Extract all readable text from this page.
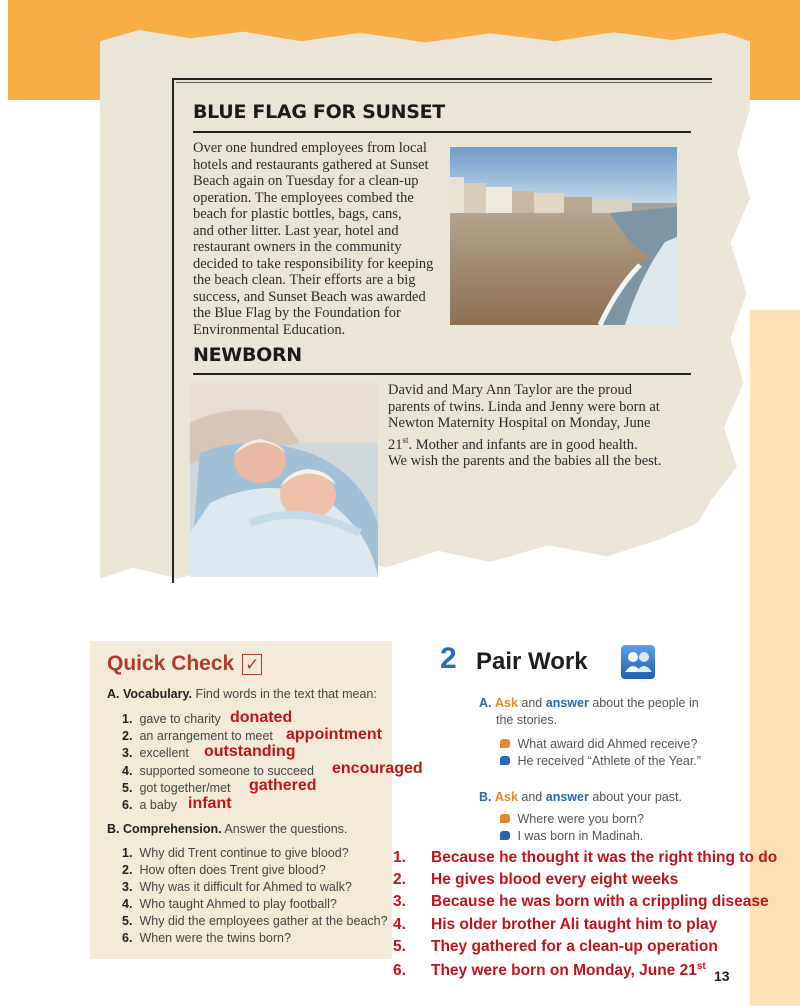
BLUE FLAG FOR SUNSET
Over one hundred employees from local
hotels and restaurants gathered at Sunset
Beach again on Tuesday for a clean-up
operation. The employees combed the
beach for plastic bottles, bags, cans,
and other litter. Last year, hotel and
restaurant owners in the community
decided to take responsibility for keeping
the beach clean. Their efforts are a big
success, and Sunset Beach was awarded
the Blue Flag by the Foundation for
Environmental Education.
NEWBORN
David and Mary Ann Taylor are the proud
parents of twins. Linda and Jenny were born at
Newton Maternity Hospital on Monday, June
21st. Mother and infants are in good health.
We wish the parents and the babies all the best.
Quick Check ✓
A. Vocabulary. Find words in the text that mean:
1. gave to charity
2. an arrangement to meet
3. excellent
4. supported someone to succeed
5. got together/met
6. a baby
donated
appointment
outstanding
encouraged
gathered
infant
B. Comprehension. Answer the questions.
1. Why did Trent continue to give blood?
2. How often does Trent give blood?
3. Why was it difficult for Ahmed to walk?
4. Who taught Ahmed to play football?
5. Why did the employees gather at the beach?
6. When were the twins born?
2 Pair Work
A. Ask and answer about the people in
the stories.
What award did Ahmed receive?
He received “Athlete of the Year.”
B. Ask and answer about your past.
Where were you born?
I was born in Madinah.
1. Because he thought it was the right thing to do
2. He gives blood every eight weeks
3. Because he was born with a crippling disease
4. His older brother Ali taught him to play
5. They gathered for a clean-up operation
6. They were born on Monday, June 21st
13
